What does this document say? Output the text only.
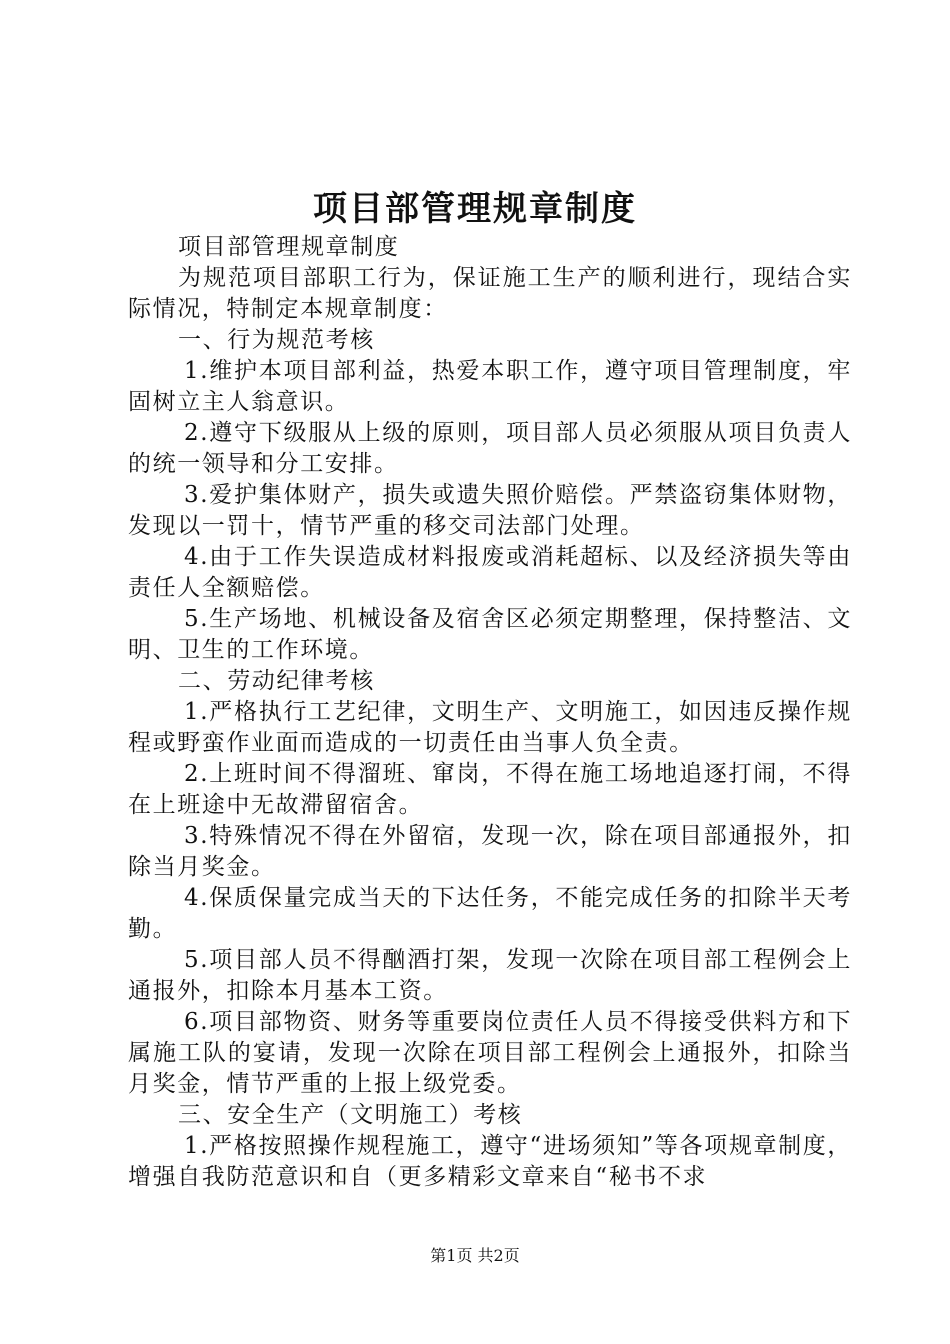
项目部管理规章制度

项目部管理规章制度

为规范项目部职工行为，保证施工生产的顺利进行，现结合实际情况，特制定本规章制度：

一、行为规范考核

1.维护本项目部利益，热爱本职工作，遵守项目管理制度，牢固树立主人翁意识。

2.遵守下级服从上级的原则，项目部人员必须服从项目负责人的统一领导和分工安排。

3.爱护集体财产，损失或遗失照价赔偿。严禁盗窃集体财物，发现以一罚十，情节严重的移交司法部门处理。

4.由于工作失误造成材料报废或消耗超标、以及经济损失等由责任人全额赔偿。

5.生产场地、机械设备及宿舍区必须定期整理，保持整洁、文明、卫生的工作环境。

二、劳动纪律考核

1.严格执行工艺纪律，文明生产、文明施工，如因违反操作规程或野蛮作业面而造成的一切责任由当事人负全责。

2.上班时间不得溜班、窜岗，不得在施工场地追逐打闹，不得在上班途中无故滞留宿舍。

3.特殊情况不得在外留宿，发现一次，除在项目部通报外，扣除当月奖金。

4.保质保量完成当天的下达任务，不能完成任务的扣除半天考勤。

5.项目部人员不得酗酒打架，发现一次除在项目部工程例会上通报外，扣除本月基本工资。

6.项目部物资、财务等重要岗位责任人员不得接受供料方和下属施工队的宴请，发现一次除在项目部工程例会上通报外，扣除当月奖金，情节严重的上报上级党委。

三、安全生产（文明施工）考核

1.严格按照操作规程施工，遵守“进场须知”等各项规章制度，增强自我防范意识和自（更多精彩文章来自“秘书不求

第1页 共2页
